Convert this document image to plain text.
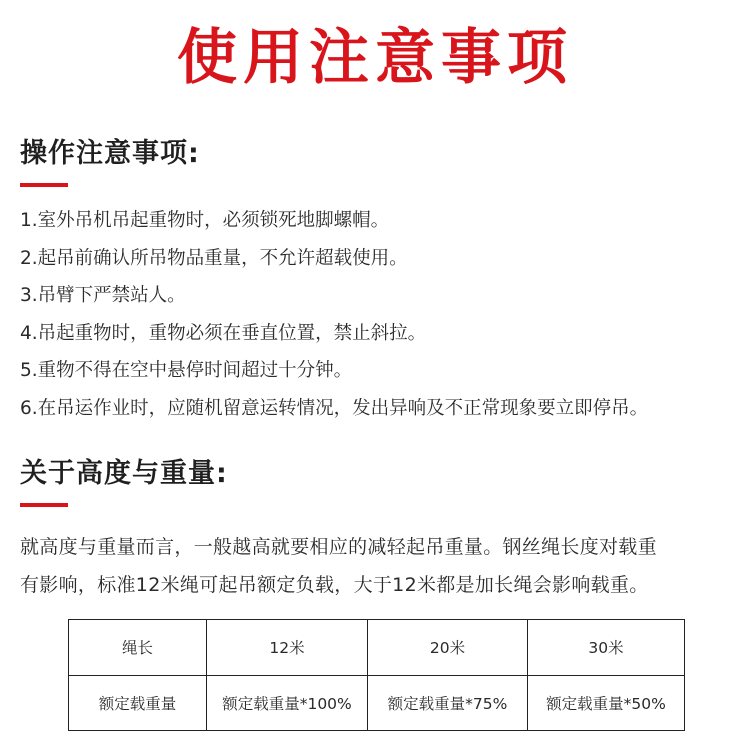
使用注意事项
操作注意事项:
1.室外吊机吊起重物时，必须锁死地脚螺帽。
2.起吊前确认所吊物品重量，不允许超载使用。
3.吊臂下严禁站人。
4.吊起重物时，重物必须在垂直位置，禁止斜拉。
5.重物不得在空中悬停时间超过十分钟。
6.在吊运作业时，应随机留意运转情况，发出异响及不正常现象要立即停吊。
关于高度与重量:
就高度与重量而言，一般越高就要相应的减轻起吊重量。钢丝绳长度对载重
有影响，标准12米绳可起吊额定负载，大于12米都是加长绳会影响载重。
绳长	12米	20米	30米
额定载重量	额定载重量*100%	额定载重量*75%	额定载重量*50%
